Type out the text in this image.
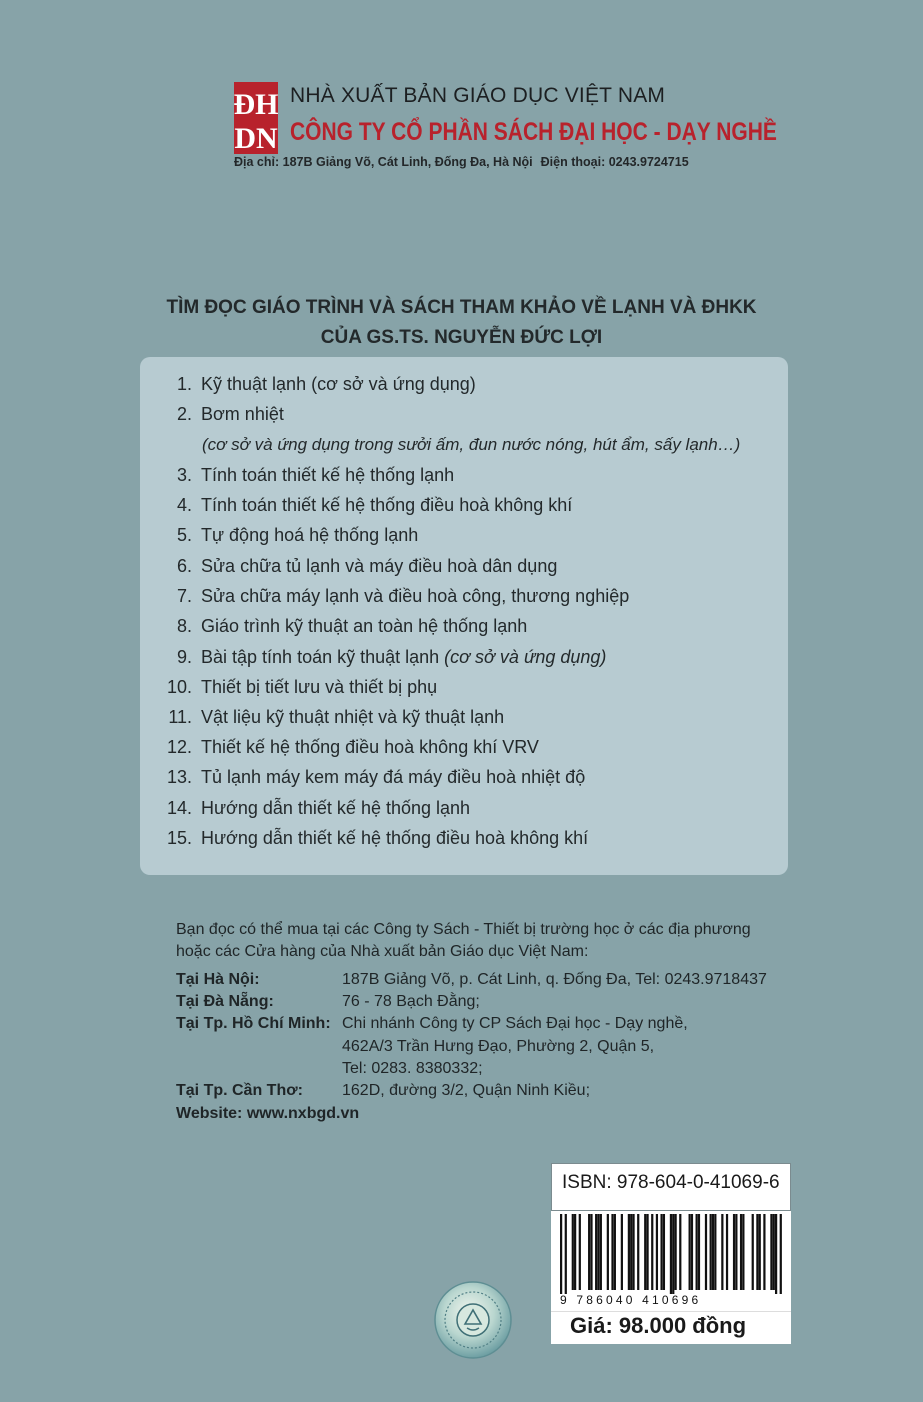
ĐH
DN
NHÀ XUẤT BẢN GIÁO DỤC VIỆT NAM
CÔNG TY CỔ PHẦN SÁCH ĐẠI HỌC - DẠY NGHỀ
Địa chỉ: 187B Giảng Võ, Cát Linh, Đống Đa, Hà Nội Điện thoại: 0243.9724715
TÌM ĐỌC GIÁO TRÌNH VÀ SÁCH THAM KHẢO VỀ LẠNH VÀ ĐHKK
CỦA GS.TS. NGUYỄN ĐỨC LỢI
1. Kỹ thuật lạnh (cơ sở và ứng dụng)
2. Bơm nhiệt
(cơ sở và ứng dụng trong sưởi ấm, đun nước nóng, hút ẩm, sấy lạnh…)
3. Tính toán thiết kế hệ thống lạnh
4. Tính toán thiết kế hệ thống điều hoà không khí
5. Tự động hoá hệ thống lạnh
6. Sửa chữa tủ lạnh và máy điều hoà dân dụng
7. Sửa chữa máy lạnh và điều hoà công, thương nghiệp
8. Giáo trình kỹ thuật an toàn hệ thống lạnh
9. Bài tập tính toán kỹ thuật lạnh (cơ sở và ứng dụng)
10. Thiết bị tiết lưu và thiết bị phụ
11. Vật liệu kỹ thuật nhiệt và kỹ thuật lạnh
12. Thiết kế hệ thống điều hoà không khí VRV
13. Tủ lạnh máy kem máy đá máy điều hoà nhiệt độ
14. Hướng dẫn thiết kế hệ thống lạnh
15. Hướng dẫn thiết kế hệ thống điều hoà không khí
Bạn đọc có thể mua tại các Công ty Sách - Thiết bị trường học ở các địa phương
hoặc các Cửa hàng của Nhà xuất bản Giáo dục Việt Nam:
Tại Hà Nội:	187B Giảng Võ, p. Cát Linh, q. Đống Đa, Tel: 0243.9718437
Tại Đà Nẵng:	76 - 78 Bạch Đằng;
Tại Tp. Hồ Chí Minh: Chi nhánh Công ty CP Sách Đại học - Dạy nghề,
462A/3 Trần Hưng Đạo, Phường 2, Quận 5,
Tel: 0283. 8380332;
Tại Tp. Cần Thơ: 162D, đường 3/2, Quận Ninh Kiều;
Website: www.nxbgd.vn
ISBN: 978-604-0-41069-6
9 786040 410696
Giá: 98.000 đồng
